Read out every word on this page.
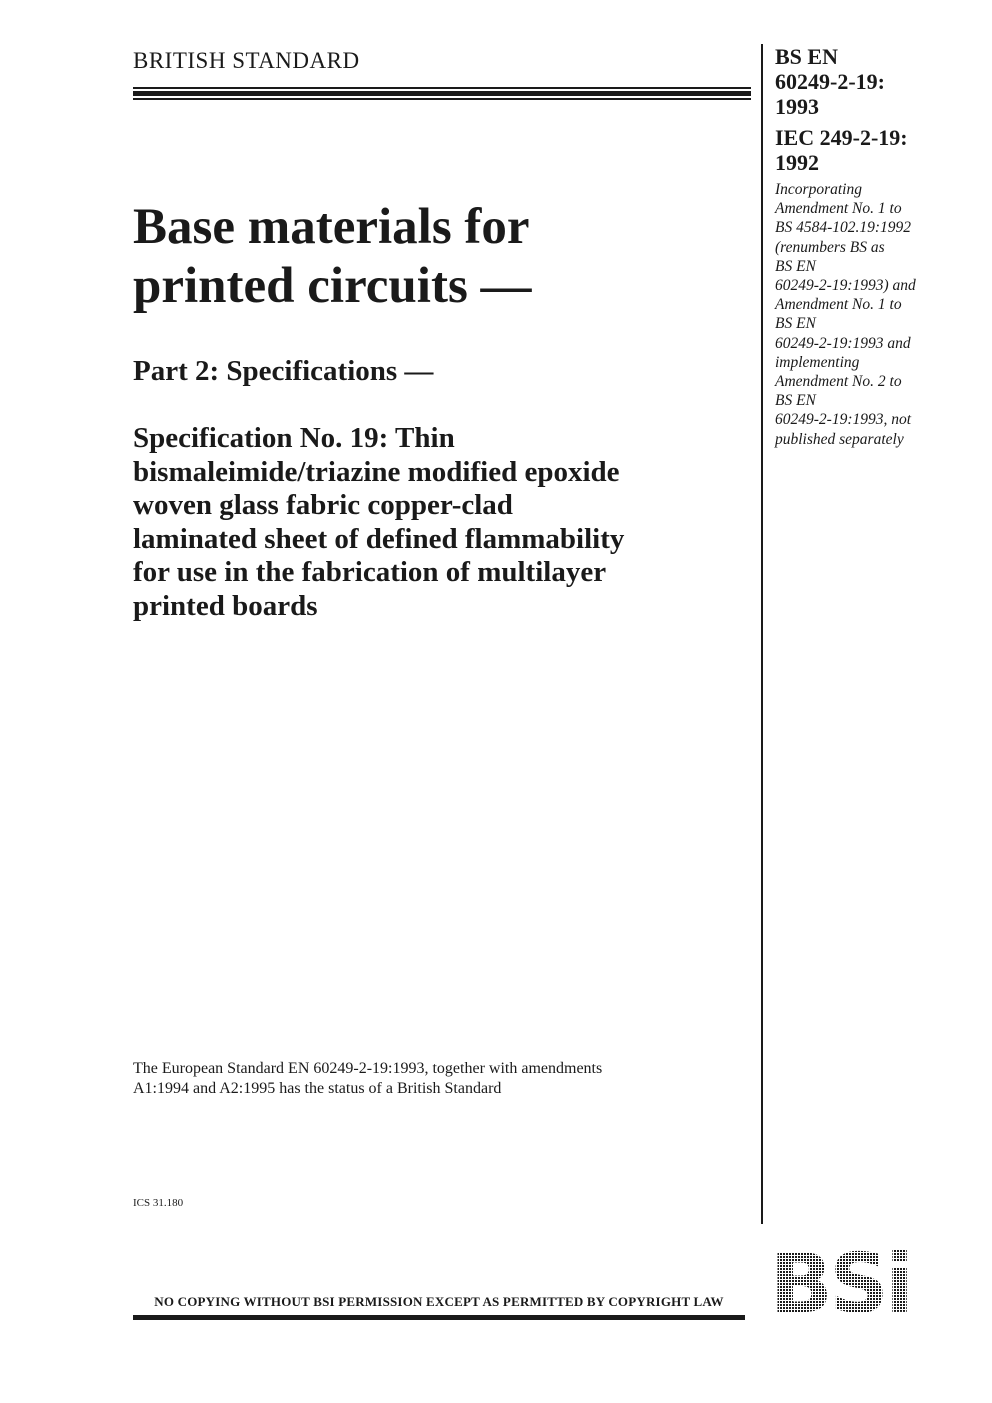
BRITISH STANDARD	BS EN
60249-2-19:
1993
IEC 249-2-19:
1992
Incorporating
Amendment No. 1 to
BS 4584-102.19:1992
(renumbers BS as
BS EN
60249-2-19:1993) and
Amendment No. 1 to
BS EN
60249-2-19:1993 and
implementing
Amendment No. 2 to
BS EN
60249-2-19:1993, not
published separately
Base materials for
printed circuits —
Part 2: Specifications —
Specification No. 19: Thin
bismaleimide/triazine modified epoxide
woven glass fabric copper-clad
laminated sheet of defined flammability
for use in the fabrication of multilayer
printed boards
The European Standard EN 60249-2-19:1993, together with amendments
A1:1994 and A2:1995 has the status of a British Standard
ICS 31.180
NO COPYING WITHOUT BSI PERMISSION EXCEPT AS PERMITTED BY COPYRIGHT LAW
